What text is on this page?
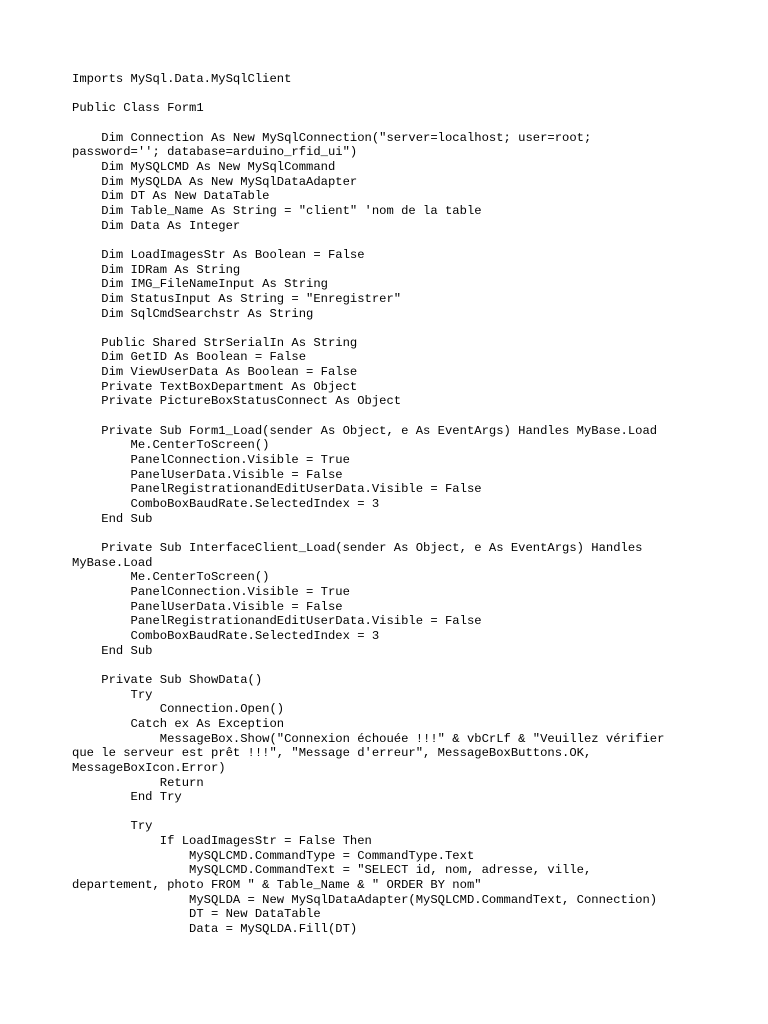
Imports MySql.Data.MySqlClient
Public Class Form1
Dim Connection As New MySqlConnection("server=localhost; user=root;
password=''; database=arduino_rfid_ui")
Dim MySQLCMD As New MySqlCommand
Dim MySQLDA As New MySqlDataAdapter
Dim DT As New DataTable
Dim Table_Name As String = "client" 'nom de la table
Dim Data As Integer
Dim LoadImagesStr As Boolean = False
Dim IDRam As String
Dim IMG_FileNameInput As String
Dim StatusInput As String = "Enregistrer"
Dim SqlCmdSearchstr As String
Public Shared StrSerialIn As String
Dim GetID As Boolean = False
Dim ViewUserData As Boolean = False
Private TextBoxDepartment As Object
Private PictureBoxStatusConnect As Object
Private Sub Form1_Load(sender As Object, e As EventArgs) Handles MyBase.Load
Me.CenterToScreen()
PanelConnection.Visible = True
PanelUserData.Visible = False
PanelRegistrationandEditUserData.Visible = False
ComboBoxBaudRate.SelectedIndex = 3
End Sub
Private Sub InterfaceClient_Load(sender As Object, e As EventArgs) Handles
MyBase.Load
Me.CenterToScreen()
PanelConnection.Visible = True
PanelUserData.Visible = False
PanelRegistrationandEditUserData.Visible = False
ComboBoxBaudRate.SelectedIndex = 3
End Sub
Private Sub ShowData()
Try
Connection.Open()
Catch ex As Exception
MessageBox.Show("Connexion échouée !!!" & vbCrLf & "Veuillez vérifier
que le serveur est prêt !!!", "Message d'erreur", MessageBoxButtons.OK,
MessageBoxIcon.Error)
Return
End Try
Try
If LoadImagesStr = False Then
MySQLCMD.CommandType = CommandType.Text
MySQLCMD.CommandText = "SELECT id, nom, adresse, ville,
departement, photo FROM " & Table_Name & " ORDER BY nom"
MySQLDA = New MySqlDataAdapter(MySQLCMD.CommandText, Connection)
DT = New DataTable
Data = MySQLDA.Fill(DT)
